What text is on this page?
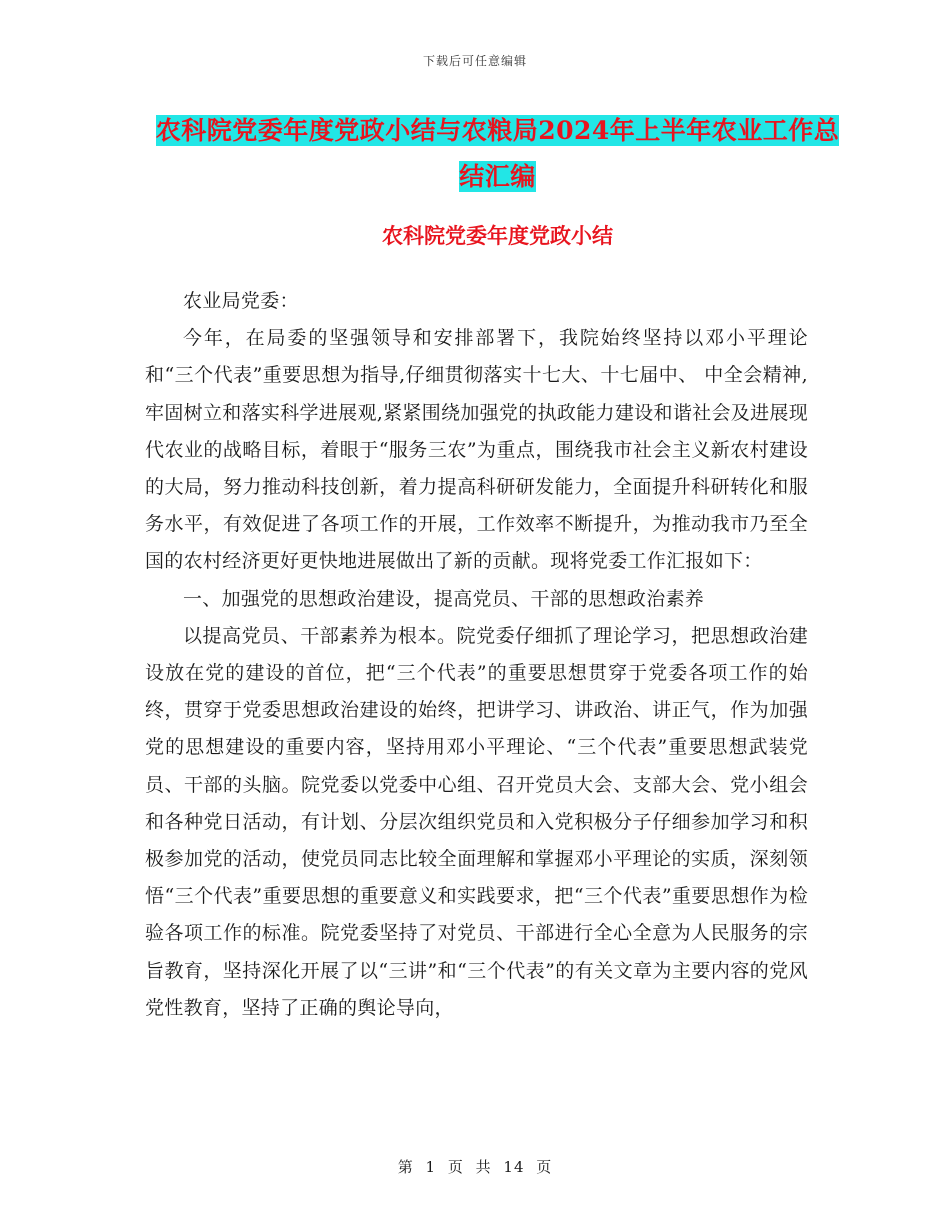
下载后可任意编辑
农科院党委年度党政小结与农粮局2024年上半年农业工作总结汇编
农科院党委年度党政小结

农业局党委：

今年，在局委的坚强领导和安排部署下，我院始终坚持以邓小平理论和“三个代表”重要思想为指导,仔细贯彻落实十七大、十七届中、 中全会精神,牢固树立和落实科学进展观,紧紧围绕加强党的执政能力建设和谐社会及进展现代农业的战略目标，着眼于“服务三农”为重点，围绕我市社会主义新农村建设的大局，努力推动科技创新，着力提高科研研发能力，全面提升科研转化和服务水平，有效促进了各项工作的开展，工作效率不断提升，为推动我市乃至全国的农村经济更好更快地进展做出了新的贡献。现将党委工作汇报如下：

一、加强党的思想政治建设，提高党员、干部的思想政治素养

以提高党员、干部素养为根本。院党委仔细抓了理论学习，把思想政治建设放在党的建设的首位，把“三个代表”的重要思想贯穿于党委各项工作的始终，贯穿于党委思想政治建设的始终，把讲学习、讲政治、讲正气，作为加强党的思想建设的重要内容，坚持用邓小平理论、“三个代表”重要思想武装党员、干部的头脑。院党委以党委中心组、召开党员大会、支部大会、党小组会和各种党日活动，有计划、分层次组织党员和入党积极分子仔细参加学习和积极参加党的活动，使党员同志比较全面理解和掌握邓小平理论的实质，深刻领悟“三个代表”重要思想的重要意义和实践要求，把“三个代表”重要思想作为检验各项工作的标准。院党委坚持了对党员、干部进行全心全意为人民服务的宗旨教育，坚持深化开展了以“三讲”和“三个代表”的有关文章为主要内容的党风党性教育，坚持了正确的舆论导向，

第 1 页 共 14 页
